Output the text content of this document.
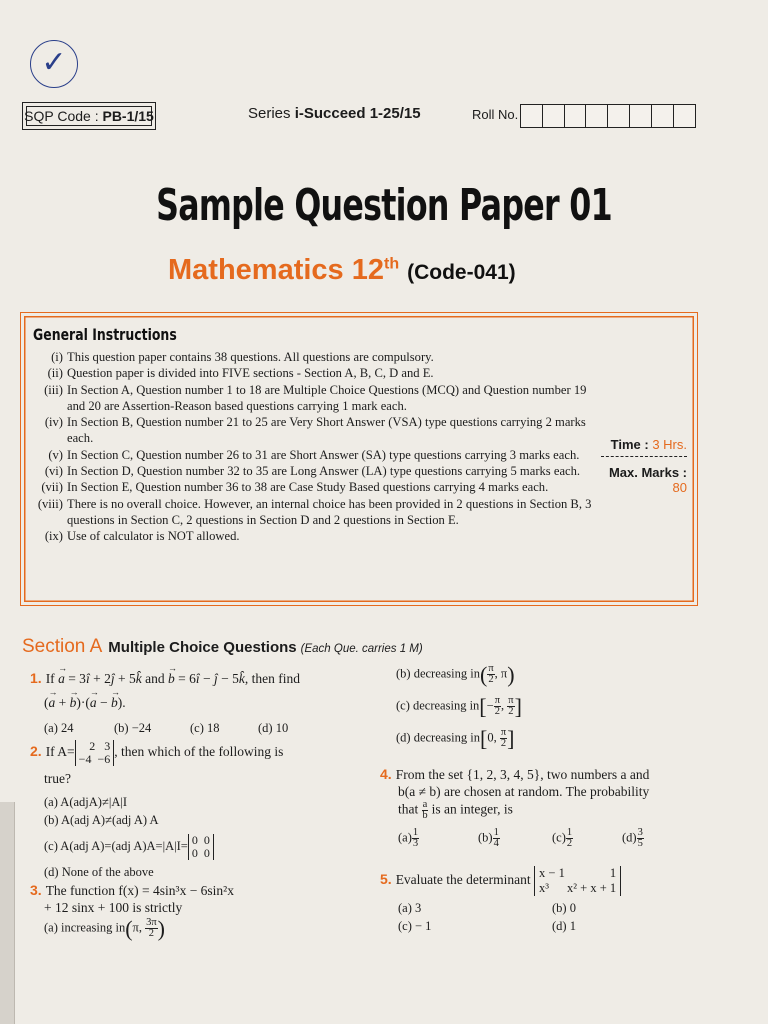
✓
SQP Code : PB-1/15	Series i-Succeed 1-25/15	Roll No.
Sample Question Paper 01
Mathematics 12th (Code-041)
General Instructions
(i) This question paper contains 38 questions. All questions are compulsory.
(ii) Question paper is divided into FIVE sections - Section A, B, C, D and E.
(iii) In Section A, Question number 1 to 18 are Multiple Choice Questions (MCQ) and Question number 19 and 20 are Assertion-Reason based questions carrying 1 mark each.
(iv) In Section B, Question number 21 to 25 are Very Short Answer (VSA) type questions carrying 2 marks each.
(v) In Section C, Question number 26 to 31 are Short Answer (SA) type questions carrying 3 marks each.
(vi) In Section D, Question number 32 to 35 are Long Answer (LA) type questions carrying 5 marks each.
(vii) In Section E, Question number 36 to 38 are Case Study Based questions carrying 4 marks each.
(viii) There is no overall choice. However, an internal choice has been provided in 2 questions in Section B, 3 questions in Section C, 2 questions in Section D and 2 questions in Section E.
(ix) Use of calculator is NOT allowed.
Time : 3 Hrs.
Max. Marks : 80
Section A Multiple Choice Questions (Each Que. carries 1 M)
1. If → a = 3î + 2ĵ + 5k̂ and → b = 6î − ĵ − 5k̂, then find
(→ a + → b)·(→ a − → b).
(a) 24	(b) −24	(c) 18	(d) 10
2. If A= 2   3
−4  −6 , then which of the following is
true?
(a) A(adjA)≠|A|I
(b) A(adj A)≠(adj A) A
(c) A(adj A)=(adj A)A=|A|I= 0  0
0  0
(d) None of the above
3. The function f(x) = 4sin³x − 6sin²x
+ 12 sinx + 100 is strictly
(a) increasing in(π, $\frac{3\pi}{2}$ )
(b) decreasing $in( \frac{\pi}{2}$ , π)
(c) decreasing $in[- \frac{\pi}{2}$ , $\frac{\pi}{2}$ ]
(d) decreasing in[0, $\frac{\pi}{2}$ ]
4. From the set {1, 2, 3, 4, 5}, two numbers a and
b(a ≠ b) are chosen at random. The probability
that $\frac{a}{b}$ is an integer, is
$(a) \frac{1}{3}$	$(b) \frac{1}{4}$	$(c) \frac{1}{2}$	$(d) \frac{3}{5}$
5. Evaluate the determinant x − 1	1
x³ x² + x + 1
(a) 3	(b) 0
(c) − 1	(d) 1
